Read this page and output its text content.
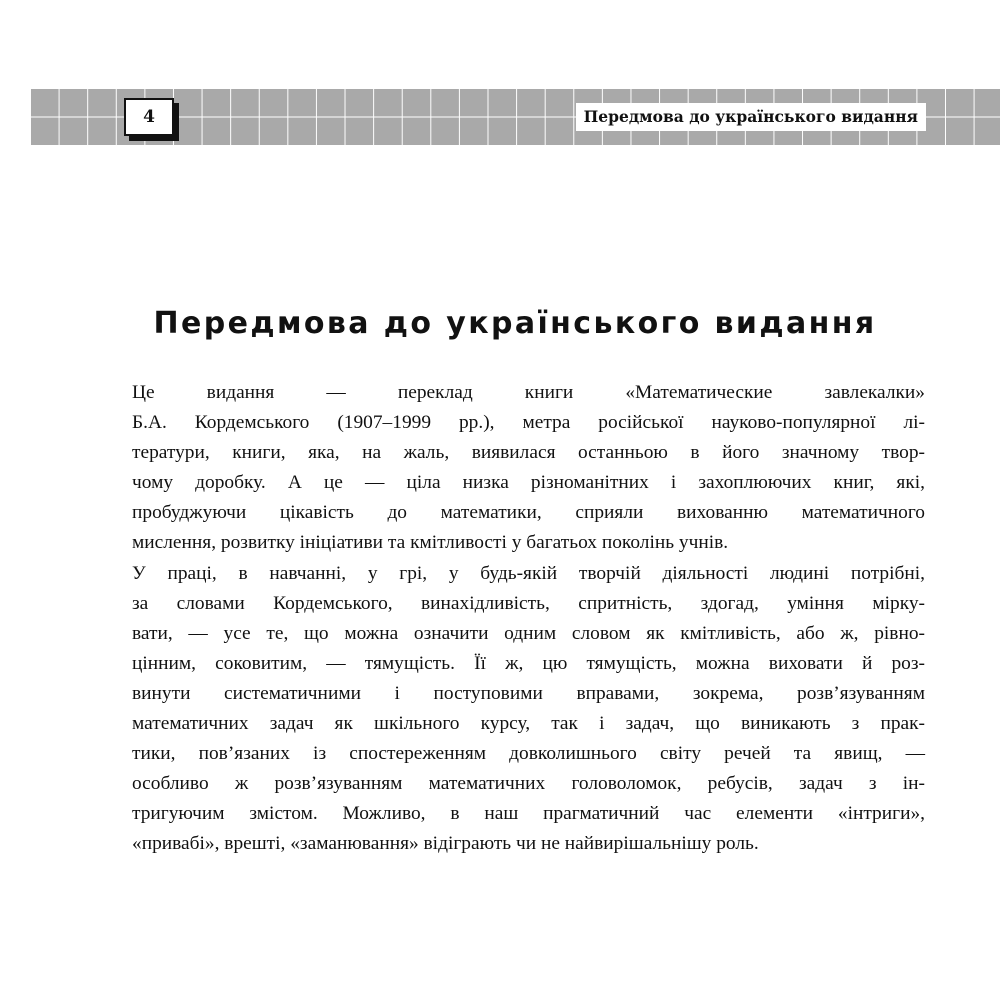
4	Передмова до українського видання
Передмова до українського видання

Це видання — переклад книги «Математические завлекалки»
Б.А. Кордемського (1907–1999 рр.), метра російської науково-популярної лі-
тератури, книги, яка, на жаль, виявилася останньою в його значному твор-
чому доробку. А це — ціла низка різноманітних і захоплюючих книг, які,
пробуджуючи цікавість до математики, сприяли вихованню математичного
мислення, розвитку ініціативи та кмітливості у багатьох поколінь учнів.

У праці, в навчанні, у грі, у будь-якій творчій діяльності людині потрібні,
за словами Кордемського, винахідливість, спритність, здогад, уміння мірку-
вати, — усе те, що можна означити одним словом як кмітливість, або ж, рівно-
цінним, соковитим, — тямущість. Її ж, цю тямущість, можна виховати й роз-
винути систематичними і поступовими вправами, зокрема, розв’язуванням
математичних задач як шкільного курсу, так і задач, що виникають з прак-
тики, пов’язаних із спостереженням довколишнього світу речей та явищ, —
особливо ж розв’язуванням математичних головоломок, ребусів, задач з ін-
тригуючим змістом. Можливо, в наш прагматичний час елементи «інтриги»,
«привабі», врешті, «заманювання» відіграють чи не найвирішальнішу роль.
